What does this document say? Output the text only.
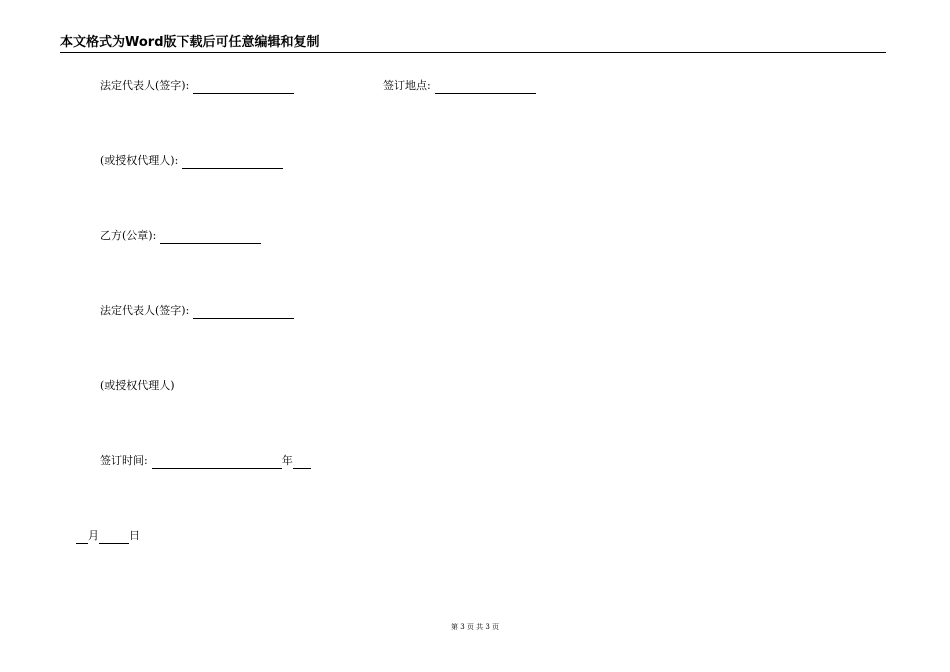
本文格式为Word版下载后可任意编辑和复制
法定代表人(签字):	签订地点:
(或授权代理人):
乙方(公章):
法定代表人(签字):
(或授权代理人)
签订时间:	年
月	日
第 3 页 共 3 页
